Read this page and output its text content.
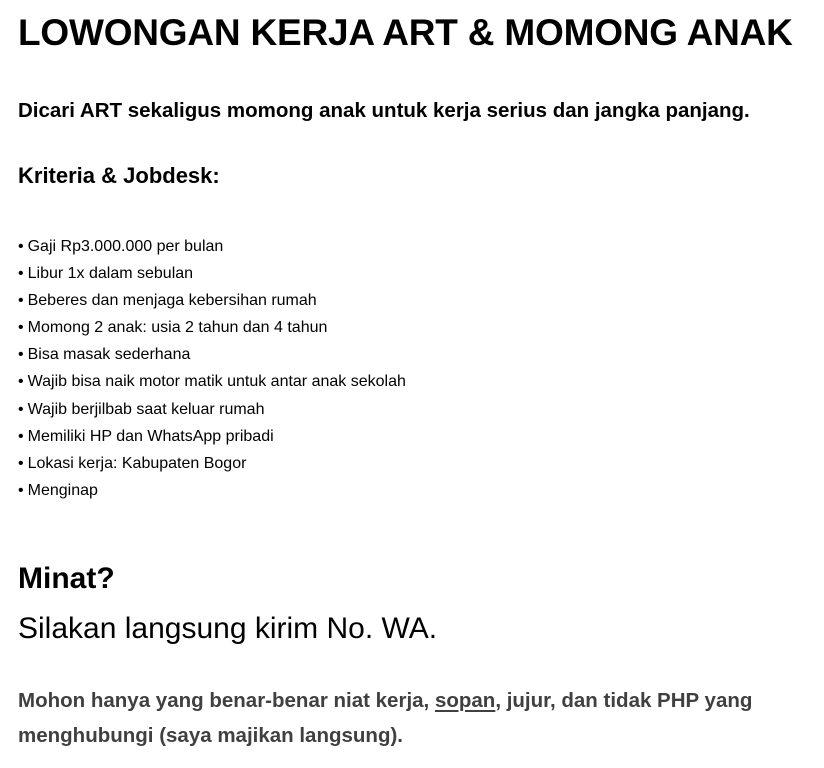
LOWONGAN KERJA ART & MOMONG ANAK

Dicari ART sekaligus momong anak untuk kerja serius dan jangka panjang.

Kriteria & Jobdesk:
• Gaji Rp3.000.000 per bulan
• Libur 1x dalam sebulan
• Beberes dan menjaga kebersihan rumah
• Momong 2 anak: usia 2 tahun dan 4 tahun
• Bisa masak sederhana
• Wajib bisa naik motor matik untuk antar anak sekolah
• Wajib berjilbab saat keluar rumah
• Memiliki HP dan WhatsApp pribadi
• Lokasi kerja: Kabupaten Bogor
• Menginap
Minat?

Silakan langsung kirim No. WA.

Mohon hanya yang benar-benar niat kerja, sopan, jujur, dan tidak PHP yang menghubungi (saya majikan langsung).
